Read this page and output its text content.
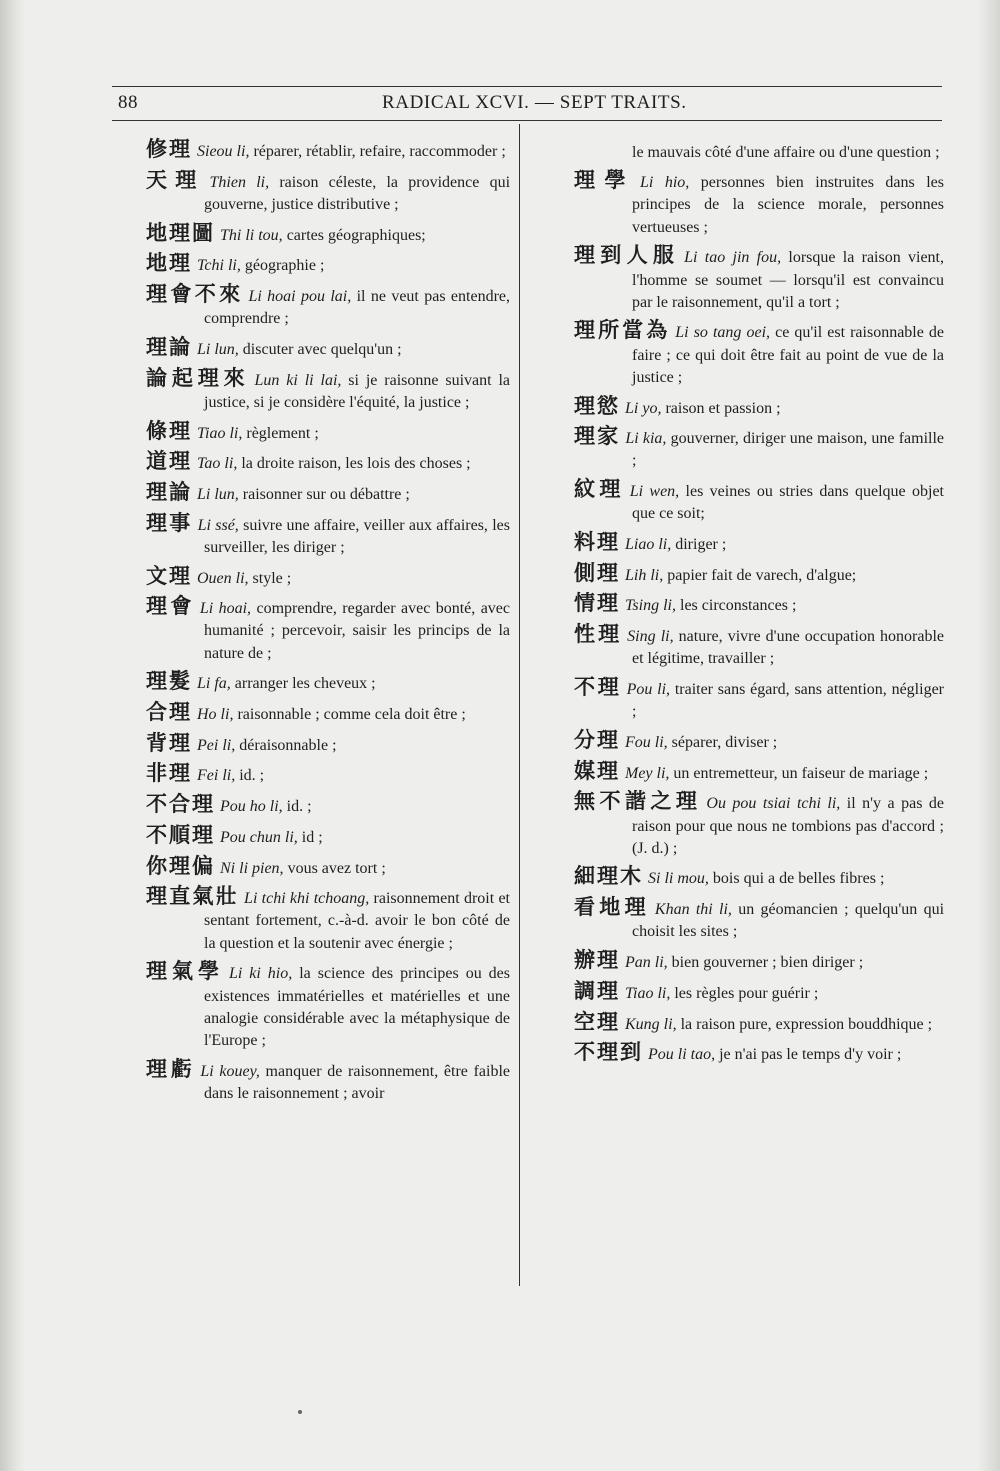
88	RADICAL XCVI. — SEPT TRAITS.
修理 Sieou li, réparer, rétablir, refaire, raccommoder ;
天理 Thien li, raison céleste, la providence qui gouverne, justice distributive ;
地理圖 Thi li tou, cartes géographiques;
地理 Tchi li, géographie ;
理會不來 Li hoai pou lai, il ne veut pas entendre, comprendre ;
理論 Li lun, discuter avec quelqu'un ;
論起理來 Lun ki li lai, si je raisonne suivant la justice, si je considère l'équité, la justice ;
條理 Tiao li, règlement ;
道理 Tao li, la droite raison, les lois des choses ;
理論 Li lun, raisonner sur ou débattre ;
理事 Li ssé, suivre une affaire, veiller aux affaires, les surveiller, les diriger ;
文理 Ouen li, style ;
理會 Li hoai, comprendre, regarder avec bonté, avec humanité ; percevoir, saisir les princips de la nature de ;
理髮 Li fa, arranger les cheveux ;
合理 Ho li, raisonnable ; comme cela doit être ;
背理 Pei li, déraisonnable ;
非理 Fei li, id. ;
不合理 Pou ho li, id. ;
不順理 Pou chun li, id ;
你理偏 Ni li pien, vous avez tort ;
理直氣壯 Li tchi khi tchoang, raisonnement droit et sentant fortement, c.-à-d. avoir le bon côté de la question et la soutenir avec énergie ;
理氣學 Li ki hio, la science des principes ou des existences immatérielles et matérielles et une analogie considérable avec la métaphysique de l'Europe ;
理虧 Li kouey, manquer de raisonnement, être faible dans le raisonnement ; avoir
le mauvais côté d'une affaire ou d'une question ;
理學 Li hio, personnes bien instruites dans les principes de la science morale, personnes vertueuses ;
理到人服 Li tao jin fou, lorsque la raison vient, l'homme se soumet — lorsqu'il est convaincu par le raisonnement, qu'il a tort ;
理所當為 Li so tang oei, ce qu'il est raisonnable de faire ; ce qui doit être fait au point de vue de la justice ;
理慾 Li yo, raison et passion ;
理家 Li kia, gouverner, diriger une maison, une famille ;
紋理 Li wen, les veines ou stries dans quelque objet que ce soit;
料理 Liao li, diriger ;
側理 Lih li, papier fait de varech, d'algue;
情理 Tsing li, les circonstances ;
性理 Sing li, nature, vivre d'une occupation honorable et légitime, travailler ;
不理 Pou li, traiter sans égard, sans attention, négliger ;
分理 Fou li, séparer, diviser ;
媒理 Mey li, un entremetteur, un faiseur de mariage ;
無不諧之理 Ou pou tsiai tchi li, il n'y a pas de raison pour que nous ne tombions pas d'accord ; (J. d.) ;
細理木 Si li mou, bois qui a de belles fibres ;
看地理 Khan thi li, un géomancien ; quelqu'un qui choisit les sites ;
辦理 Pan li, bien gouverner ; bien diriger ;
調理 Tiao li, les règles pour guérir ;
空理 Kung li, la raison pure, expression bouddhique ;
不理到 Pou li tao, je n'ai pas le temps d'y voir ;
